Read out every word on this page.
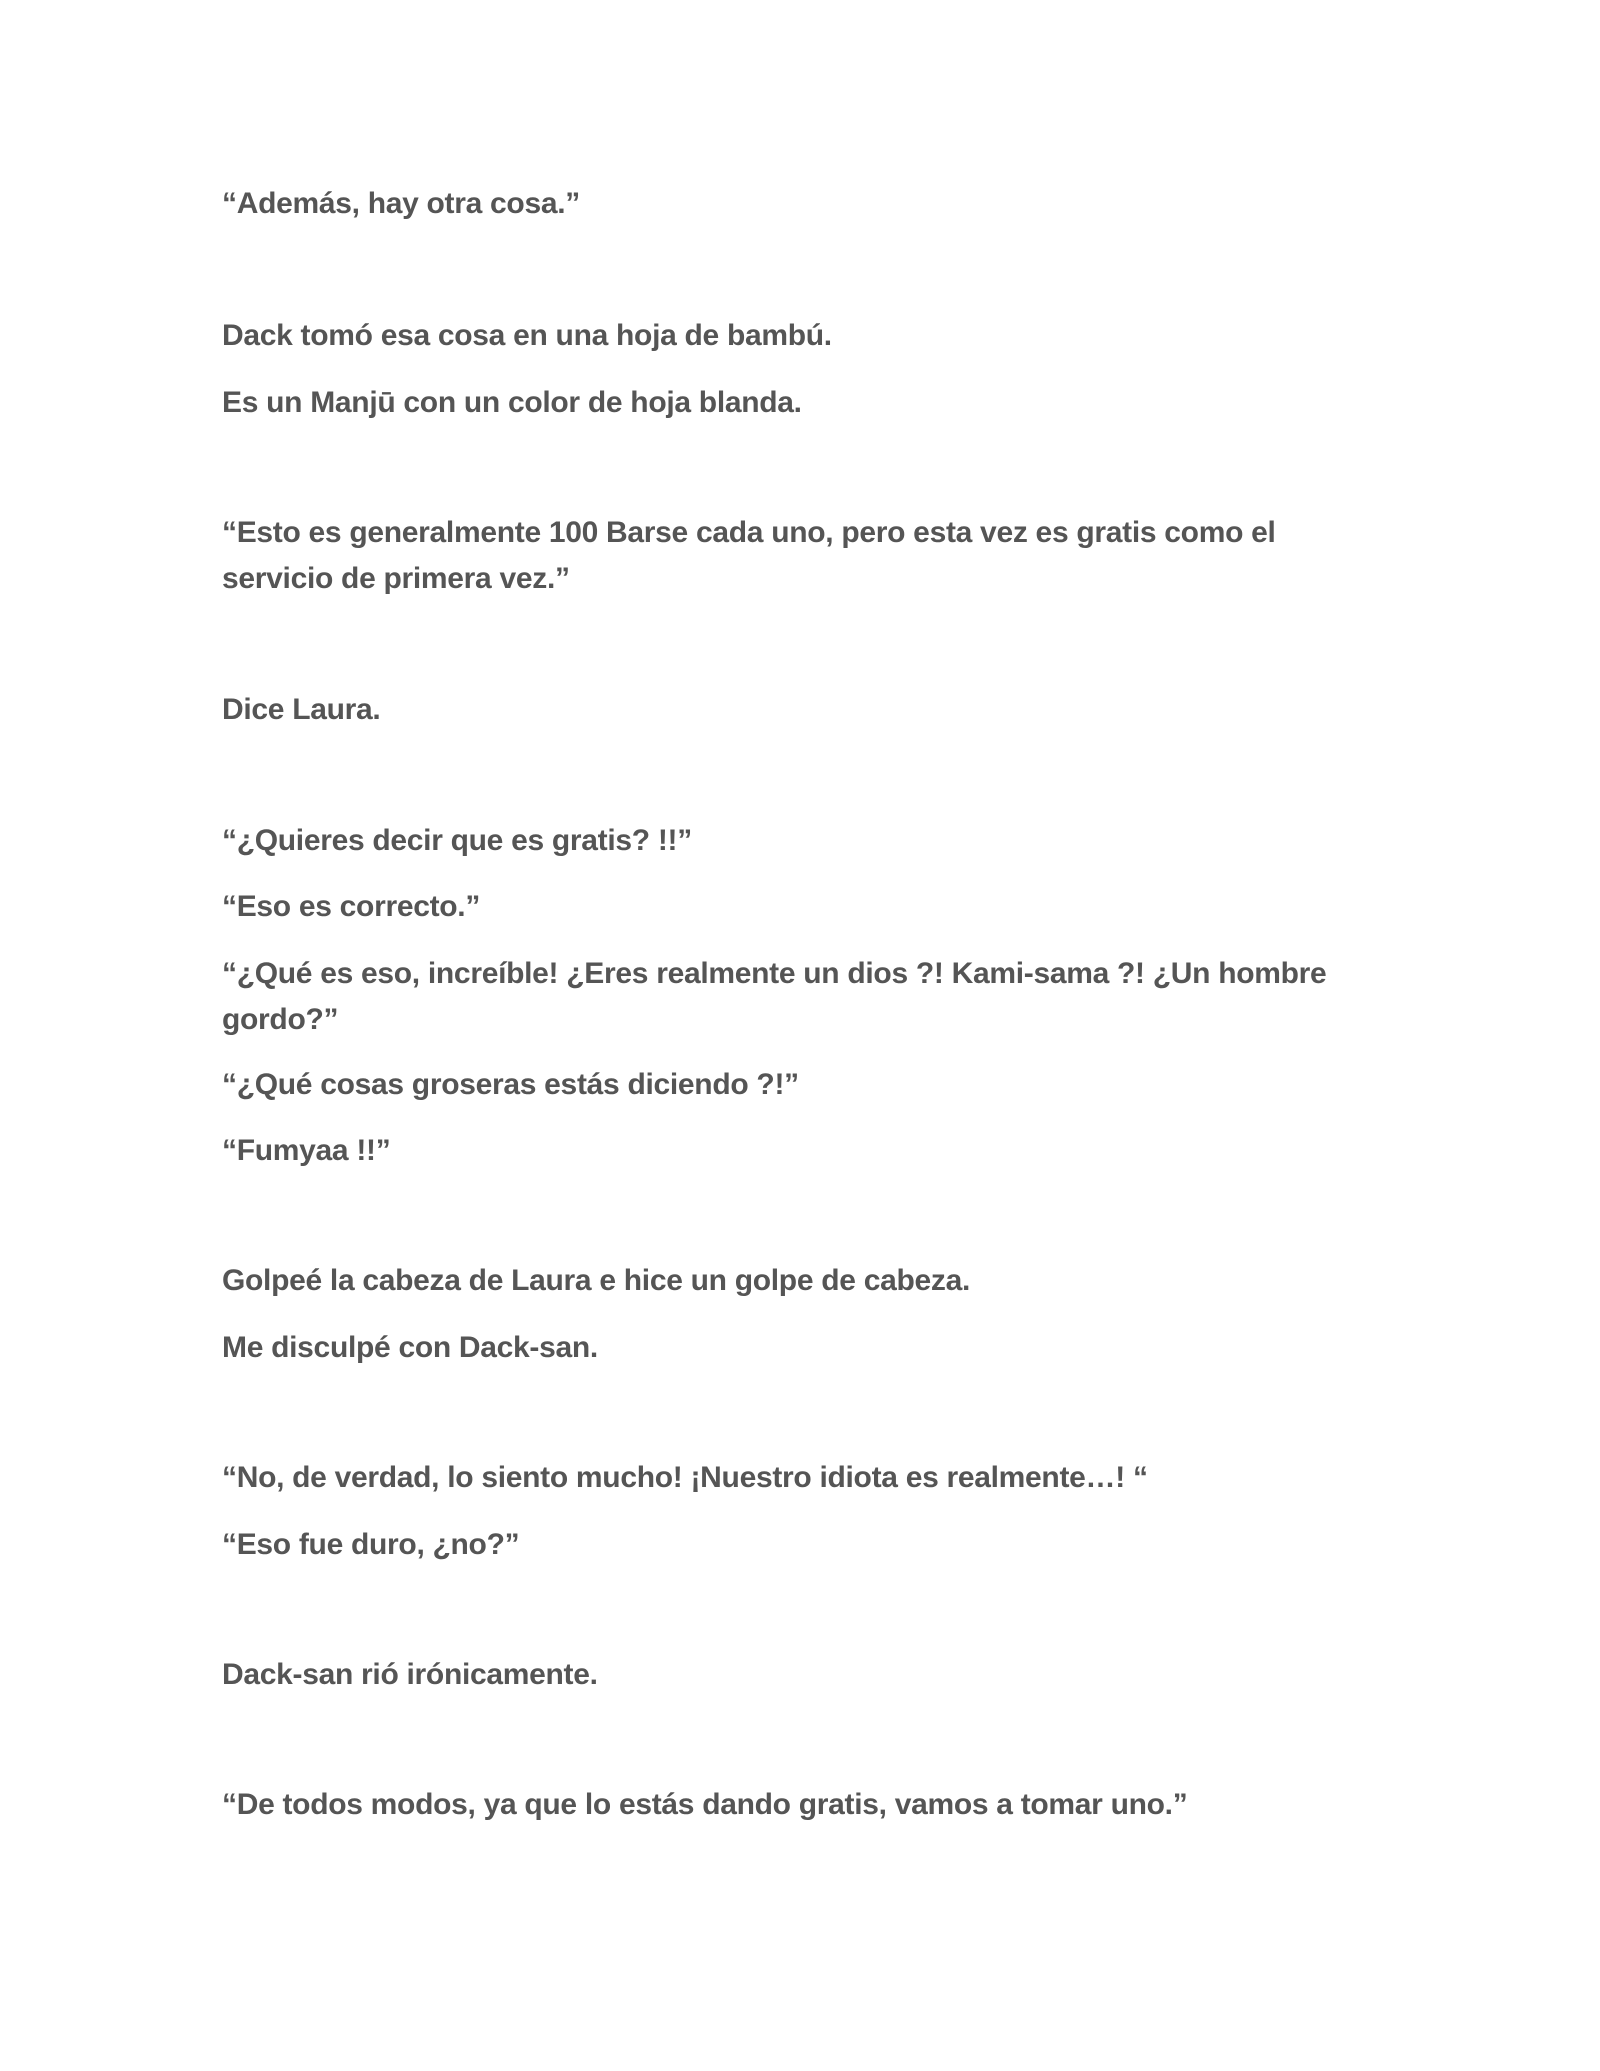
“Además, hay otra cosa.”

Dack tomó esa cosa en una hoja de bambú.

Es un Manjū con un color de hoja blanda.

“Esto es generalmente 100 Barse cada uno, pero esta vez es gratis como el servicio de primera vez.”

Dice Laura.

“¿Quieres decir que es gratis? !!”

“Eso es correcto.”

“¿Qué es eso, increíble! ¿Eres realmente un dios ?! Kami-sama ?! ¿Un hombre gordo?”

“¿Qué cosas groseras estás diciendo ?!”

“Fumyaa !!”

Golpeé la cabeza de Laura e hice un golpe de cabeza.

Me disculpé con Dack-san.

“No, de verdad, lo siento mucho! ¡Nuestro idiota es realmente…! “

“Eso fue duro, ¿no?”

Dack-san rió irónicamente.

“De todos modos, ya que lo estás dando gratis, vamos a tomar uno.”
